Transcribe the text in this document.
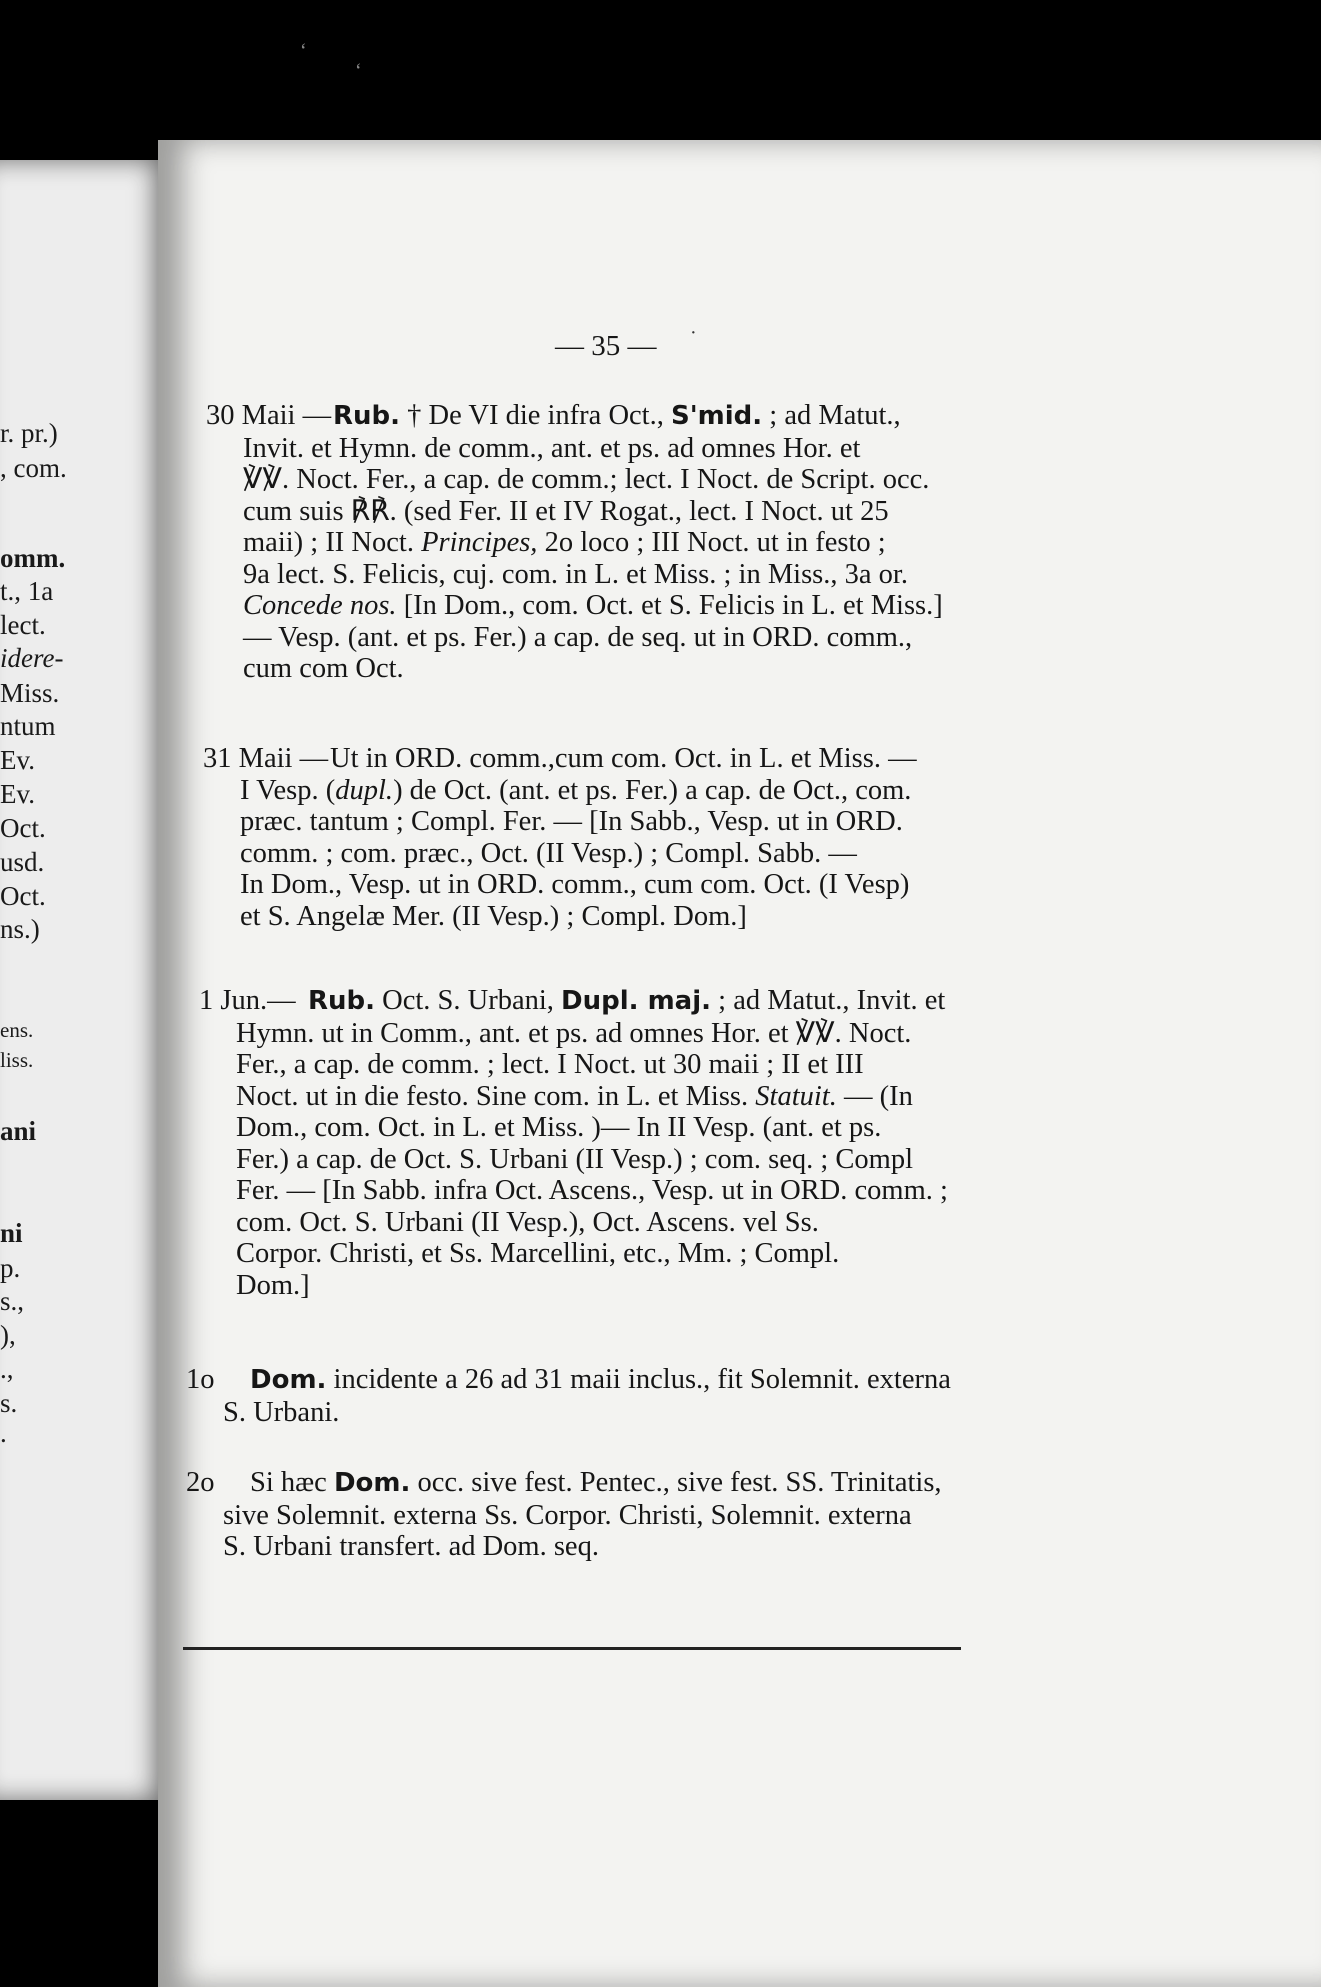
r. pr.)
, com.
omm.
t., 1a
lect.
idere-
Miss.
ntum
Ev.
Ev.
Oct.
usd.
Oct.
ns.)
ens.
liss.
ani
ni
p.
s.,
),
.,
s.
.
ʻ
ʻ
·
— 35 —
30 Maii — Rub. † De VI die infra Oct., S'mid. ; ad Matut.,
Invit. et Hymn. de comm., ant. et ps. ad omnes Hor. et
℣℣. Noct. Fer., a cap. de comm.; lect. I Noct. de Script. occ.
cum suis ℟℟. (sed Fer. II et IV Rogat., lect. I Noct. ut 25
maii) ; II Noct. Principes, 2o loco ; III Noct. ut in festo ;
9a lect. S. Felicis, cuj. com. in L. et Miss. ; in Miss., 3a or.
Concede nos. [In Dom., com. Oct. et S. Felicis in L. et Miss.]
— Vesp. (ant. et ps. Fer.) a cap. de seq. ut in ORD. comm.,
cum com Oct.
31 Maii — Ut in ORD. comm.,cum com. Oct. in L. et Miss. —
I Vesp. (dupl.) de Oct. (ant. et ps. Fer.) a cap. de Oct., com.
præc. tantum ; Compl. Fer. — [In Sabb., Vesp. ut in ORD.
comm. ; com. præc., Oct. (II Vesp.) ; Compl. Sabb. —
In Dom., Vesp. ut in ORD. comm., cum com. Oct. (I Vesp)
et S. Angelæ Mer. (II Vesp.) ; Compl. Dom.]
1 Jun.— Rub. Oct. S. Urbani, Dupl. maj. ; ad Matut., Invit. et
Hymn. ut in Comm., ant. et ps. ad omnes Hor. et ℣℣. Noct.
Fer., a cap. de comm. ; lect. I Noct. ut 30 maii ; II et III
Noct. ut in die festo. Sine com. in L. et Miss. Statuit. — (In
Dom., com. Oct. in L. et Miss. )— In II Vesp. (ant. et ps.
Fer.) a cap. de Oct. S. Urbani (II Vesp.) ; com. seq. ; Compl
Fer. — [In Sabb. infra Oct. Ascens., Vesp. ut in ORD. comm. ;
com. Oct. S. Urbani (II Vesp.), Oct. Ascens. vel Ss.
Corpor. Christi, et Ss. Marcellini, etc., Mm. ; Compl.
Dom.]
1o	Dom. incidente a 26 ad 31 maii inclus., fit Solemnit. externa
S. Urbani.
2o	Si hæc Dom. occ. sive fest. Pentec., sive fest. SS. Trinitatis,
sive Solemnit. externa Ss. Corpor. Christi, Solemnit. externa
S. Urbani transfert. ad Dom. seq.
